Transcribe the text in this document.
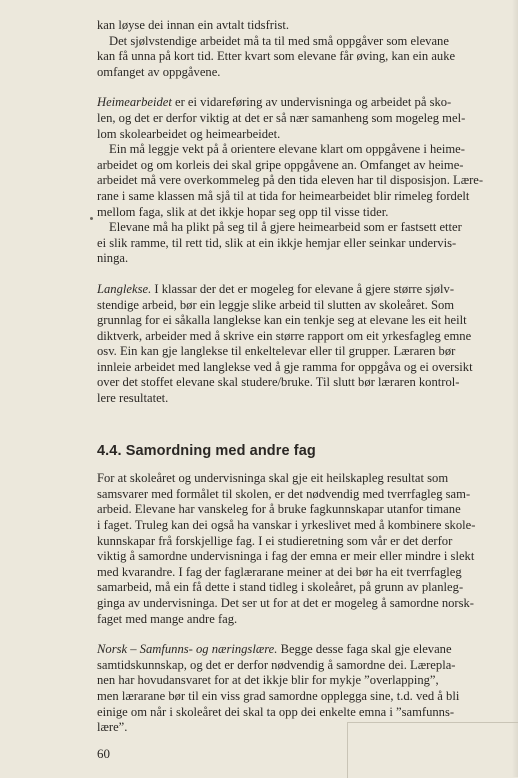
kan løyse dei innan ein avtalt tidsfrist.

Det sjølvstendige arbeidet må ta til med små oppgåver som elevane
kan få unna på kort tid. Etter kvart som elevane får øving, kan ein auke
omfanget av oppgåvene.

Heimearbeidet er ei vidareføring av undervisninga og arbeidet på sko-
len, og det er derfor viktig at det er så nær samanheng som mogeleg mel-
lom skolearbeidet og heimearbeidet.

Ein må leggje vekt på å orientere elevane klart om oppgåvene i heime-
arbeidet og om korleis dei skal gripe oppgåvene an. Omfanget av heime-
arbeidet må vere overkommeleg på den tida eleven har til disposisjon. Lære-
rane i same klassen må sjå til at tida for heimearbeidet blir rimeleg fordelt
mellom faga, slik at det ikkje hopar seg opp til visse tider.

Elevane må ha plikt på seg til å gjere heimearbeid som er fastsett etter
ei slik ramme, til rett tid, slik at ein ikkje hemjar eller seinkar undervis-
ninga.

Langlekse. I klassar der det er mogeleg for elevane å gjere større sjølv-
stendige arbeid, bør ein leggje slike arbeid til slutten av skoleåret. Som
grunnlag for ei såkalla langlekse kan ein tenkje seg at elevane les eit heilt
diktverk, arbeider med å skrive ein større rapport om eit yrkesfagleg emne
osv. Ein kan gje langlekse til enkeltelevar eller til grupper. Læraren bør
innleie arbeidet med langlekse ved å gje ramma for oppgåva og ei oversikt
over det stoffet elevane skal studere/bruke. Til slutt bør læraren kontrol-
lere resultatet.

4.4. Samordning med andre fag

For at skoleåret og undervisninga skal gje eit heilskapleg resultat som
samsvarer med formålet til skolen, er det nødvendig med tverrfagleg sam-
arbeid. Elevane har vanskeleg for å bruke fagkunnskapar utanfor timane
i faget. Truleg kan dei også ha vanskar i yrkeslivet med å kombinere skole-
kunnskapar frå forskjellige fag. I ei studieretning som vår er det derfor
viktig å samordne undervisninga i fag der emna er meir eller mindre i slekt
med kvarandre. I fag der faglærarane meiner at dei bør ha eit tverrfagleg
samarbeid, må ein få dette i stand tidleg i skoleåret, på grunn av planleg-
ginga av undervisninga. Det ser ut for at det er mogeleg å samordne norsk-
faget med mange andre fag.

Norsk – Samfunns- og næringslære. Begge desse faga skal gje elevane
samtidskunnskap, og det er derfor nødvendig å samordne dei. Lærepla-
nen har hovudansvaret for at det ikkje blir for mykje ”overlapping”,
men lærarane bør til ein viss grad samordne opplegga sine, t.d. ved å bli
einige om når i skoleåret dei skal ta opp dei enkelte emna i ”samfunns-
lære”.

60
